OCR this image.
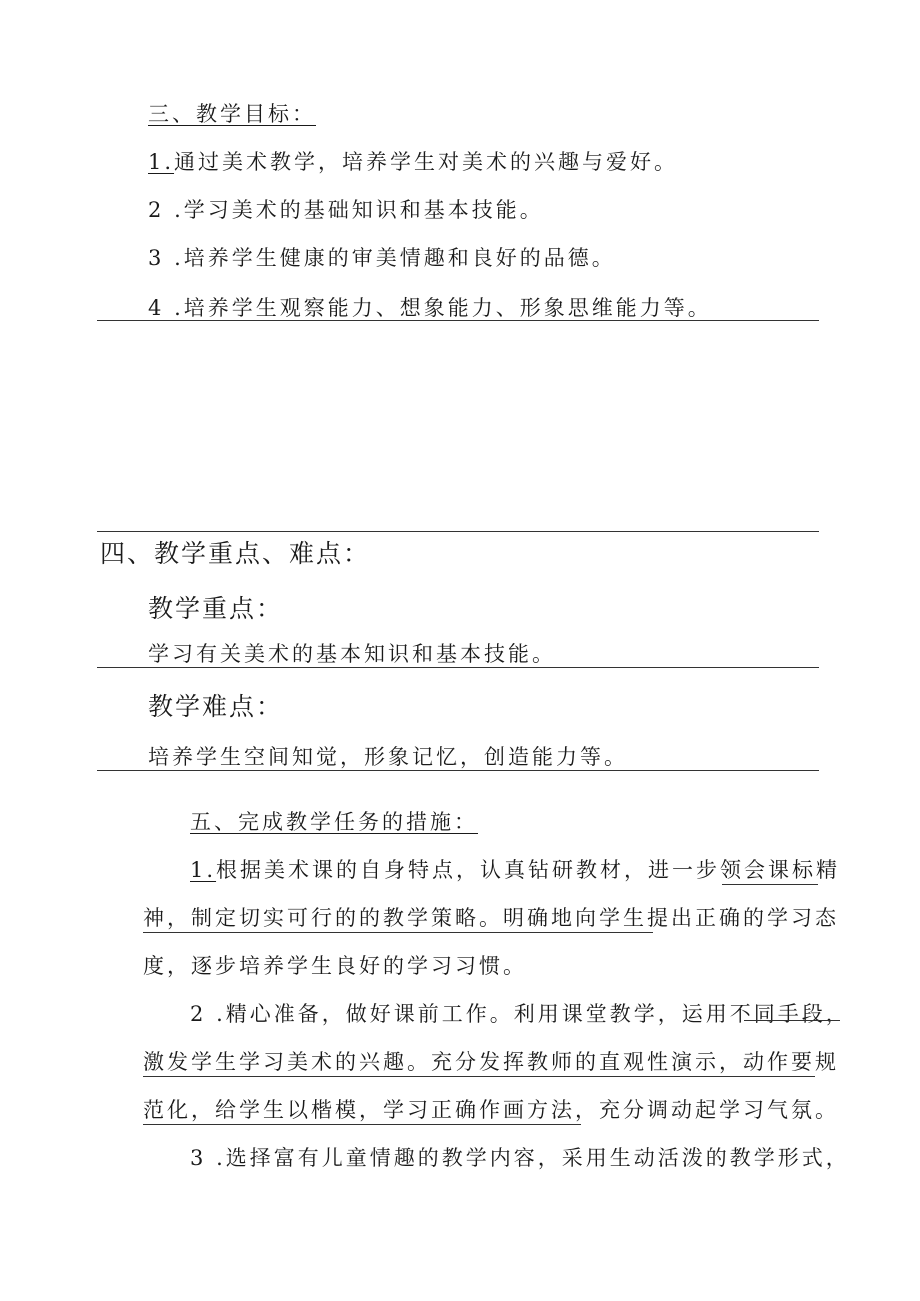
三、教学目标：
1.通过美术教学，培养学生对美术的兴趣与爱好。
2 .学习美术的基础知识和基本技能。
3 .培养学生健康的审美情趣和良好的品德。
4 .培养学生观察能力、想象能力、形象思维能力等。
四、教学重点、难点：
教学重点：
学习有关美术的基本知识和基本技能。
教学难点：
培养学生空间知觉，形象记忆，创造能力等。
五、完成教学任务的措施：
1.根据美术课的自身特点，认真钻研教材，进一步领会课标精
神，制定切实可行的的教学策略。明确地向学生提出正确的学习态
度，逐步培养学生良好的学习习惯。
2 .精心准备，做好课前工作。利用课堂教学，运用不同手段，
激发学生学习美术的兴趣。充分发挥教师的直观性演示，动作要规
范化，给学生以楷模，学习正确作画方法，充分调动起学习气氛。
3 .选择富有儿童情趣的教学内容，采用生动活泼的教学形式，
